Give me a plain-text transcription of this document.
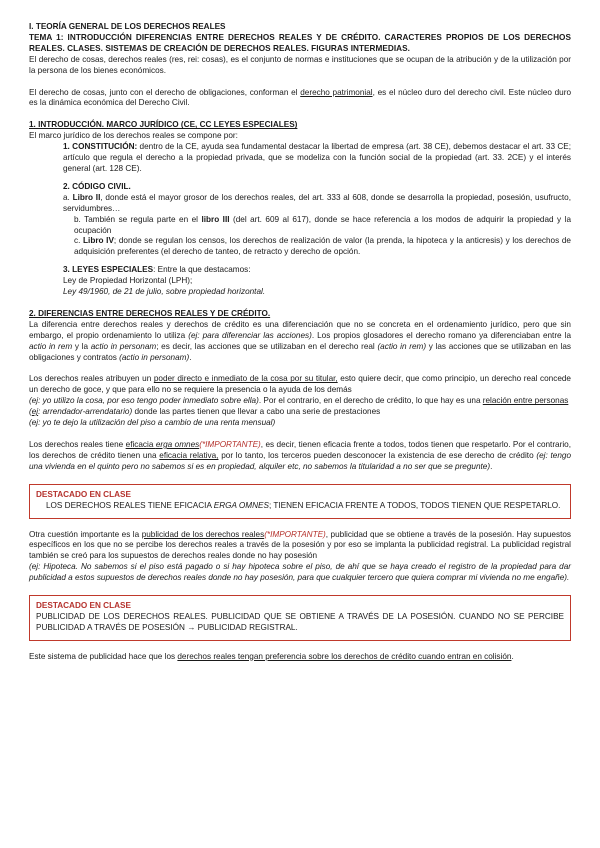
I. TEORÍA GENERAL DE LOS DERECHOS REALES

TEMA 1: INTRODUCCIÓN DIFERENCIAS ENTRE DERECHOS REALES Y DE CRÉDITO. CARACTERES PROPIOS DE LOS DERECHOS REALES. CLASES. SISTEMAS DE CREACIÓN DE DERECHOS REALES. FIGURAS INTERMEDIAS.

El derecho de cosas, derechos reales (res, rei: cosas), es el conjunto de normas e instituciones que se ocupan de la atribución y de la utilización por la persona de los bienes económicos.

El derecho de cosas, junto con el derecho de obligaciones, conforman el derecho patrimonial, es el núcleo duro del derecho civil. Este núcleo duro es la dinámica económica del Derecho Civil.

1. INTRODUCCIÓN. MARCO JURÍDICO (CE, CC LEYES ESPECIALES)

El marco jurídico de los derechos reales se compone por:

1. CONSTITUCIÓN: dentro de la CE, ayuda sea fundamental destacar la libertad de empresa (art. 38 CE), debemos destacar el art. 33 CE; artículo que regula el derecho a la propiedad privada, que se modeliza con la función social de la propiedad (art. 33. 2CE) y el interés general (art. 128 CE).

2. CÓDIGO CIVIL.

a. Libro II, donde está el mayor grosor de los derechos reales, del art. 333 al 608, donde se desarrolla la propiedad, posesión, usufructo, servidumbres…

b. También se regula parte en el libro III (del art. 609 al 617), donde se hace referencia a los modos de adquirir la propiedad y la ocupación

c. Libro IV; donde se regulan los censos, los derechos de realización de valor (la prenda, la hipoteca y la anticresis) y los derechos de adquisición preferentes (el derecho de tanteo, de retracto y derecho de opción.

3. LEYES ESPECIALES: Entre la que destacamos:

Ley de Propiedad Horizontal (LPH);

Ley 49/1960, de 21 de julio, sobre propiedad horizontal.

2. DIFERENCIAS ENTRE DERECHOS REALES Y DE CRÉDITO.

La diferencia entre derechos reales y derechos de crédito es una diferenciación que no se concreta en el ordenamiento jurídico, pero que sin embargo, el propio ordenamiento lo utiliza (ej: para diferenciar las acciones). Los propios glosadores el derecho romano ya diferenciaban entre la actio in rem y la actio in personam; es decir, las acciones que se utilizaban en el derecho real (actio in rem) y las acciones que se utilizaban en las obligaciones y contratos (actio in personam).

Los derechos reales atribuyen un poder directo e inmediato de la cosa por su titular, esto quiere decir, que como principio, un derecho real concede un derecho de goce, y que para ello no se requiere la presencia o la ayuda de los demás

(ej: yo utilizo la cosa, por eso tengo poder inmediato sobre ella). Por el contrario, en el derecho de crédito, lo que hay es una relación entre personas

(ej: arrendador-arrendatario) donde las partes tienen que llevar a cabo una serie de prestaciones

(ej: yo te dejo la utilización del piso a cambio de una renta mensual)

Los derechos reales tiene eficacia erga omnes(*IMPORTANTE), es decir, tienen eficacia frente a todos, todos tienen que respetarlo. Por el contrario, los derechos de crédito tienen una eficacia relativa, por lo tanto, los terceros pueden desconocer la existencia de ese derecho de crédito (ej: tengo una vivienda en el quinto pero no sabemos si es en propiedad, alquiler etc, no sabemos la titularidad a no ser que se pregunte).

DESTACADO EN CLASE

LOS DERECHOS REALES TIENE EFICACIA ERGA OMNES; TIENEN EFICACIA FRENTE A TODOS, TODOS TIENEN QUE RESPETARLO.

Otra cuestión importante es la publicidad de los derechos reales(*IMPORTANTE), publicidad que se obtiene a través de la posesión. Hay supuestos específicos en los que no se percibe los derechos reales a través de la posesión y por eso se implanta la publicidad registral. La publicidad registral también se creó para los supuestos de derechos reales donde no hay posesión

(ej: Hipoteca. No sabemos si el piso está pagado o si hay hipoteca sobre el piso, de ahí que se haya creado el registro de la propiedad para dar publicidad a estos supuestos de derechos reales donde no hay posesión, para que cualquier tercero que quiera comprar mi vivienda no me engañe).

DESTACADO EN CLASE

PUBLICIDAD DE LOS DERECHOS REALES. PUBLICIDAD QUE SE OBTIENE A TRAVÉS DE LA POSESIÓN. CUANDO NO SE PERCIBE PUBLICIDAD A TRAVÉS DE POSESIÓN → PUBLICIDAD REGISTRAL.

Este sistema de publicidad hace que los derechos reales tengan preferencia sobre los derechos de crédito cuando entran en colisión.
